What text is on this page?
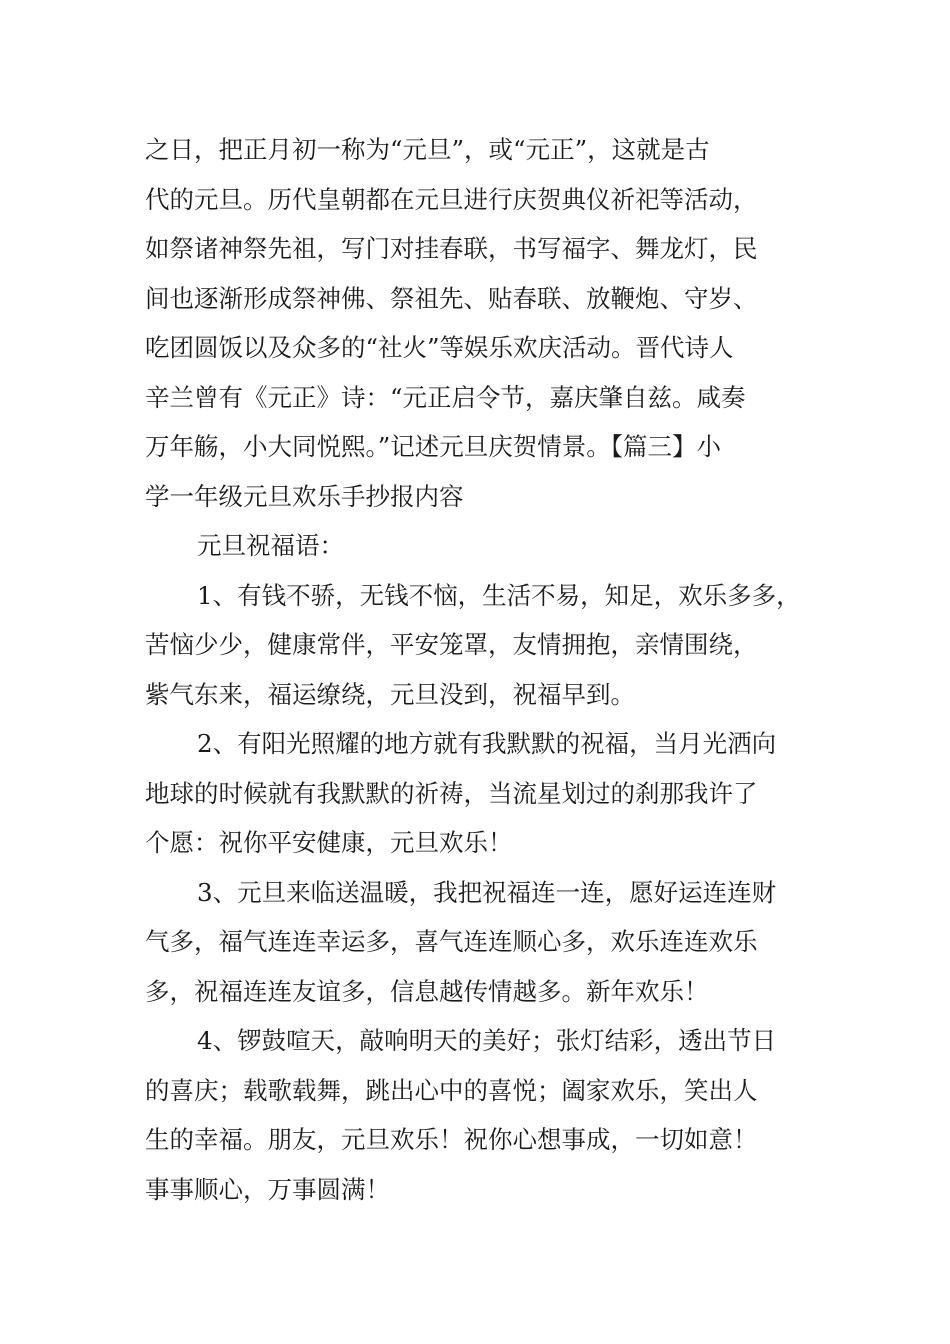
之日，把正月初一称为“元旦”，或“元正”，这就是古
代的元旦。历代皇朝都在元旦进行庆贺典仪祈祀等活动，
如祭诸神祭先祖，写门对挂春联，书写福字、舞龙灯，民
间也逐渐形成祭神佛、祭祖先、贴春联、放鞭炮、守岁、
吃团圆饭以及众多的“社火”等娱乐欢庆活动。晋代诗人
辛兰曾有《元正》诗：“元正启令节，嘉庆肇自兹。咸奏
万年觞，小大同悦熙。”记述元旦庆贺情景。【篇三】小
学一年级元旦欢乐手抄报内容
元旦祝福语：
1、有钱不骄，无钱不恼，生活不易，知足，欢乐多多，
苦恼少少，健康常伴，平安笼罩，友情拥抱，亲情围绕，
紫气东来，福运缭绕，元旦没到，祝福早到。
2、有阳光照耀的地方就有我默默的祝福，当月光洒向
地球的时候就有我默默的祈祷，当流星划过的刹那我许了
个愿：祝你平安健康，元旦欢乐！
3、元旦来临送温暖，我把祝福连一连，愿好运连连财
气多，福气连连幸运多，喜气连连顺心多，欢乐连连欢乐
多，祝福连连友谊多，信息越传情越多。新年欢乐！
4、锣鼓喧天，敲响明天的美好；张灯结彩，透出节日
的喜庆；载歌载舞，跳出心中的喜悦；阖家欢乐，笑出人
生的幸福。朋友，元旦欢乐！祝你心想事成，一切如意！
事事顺心，万事圆满！
